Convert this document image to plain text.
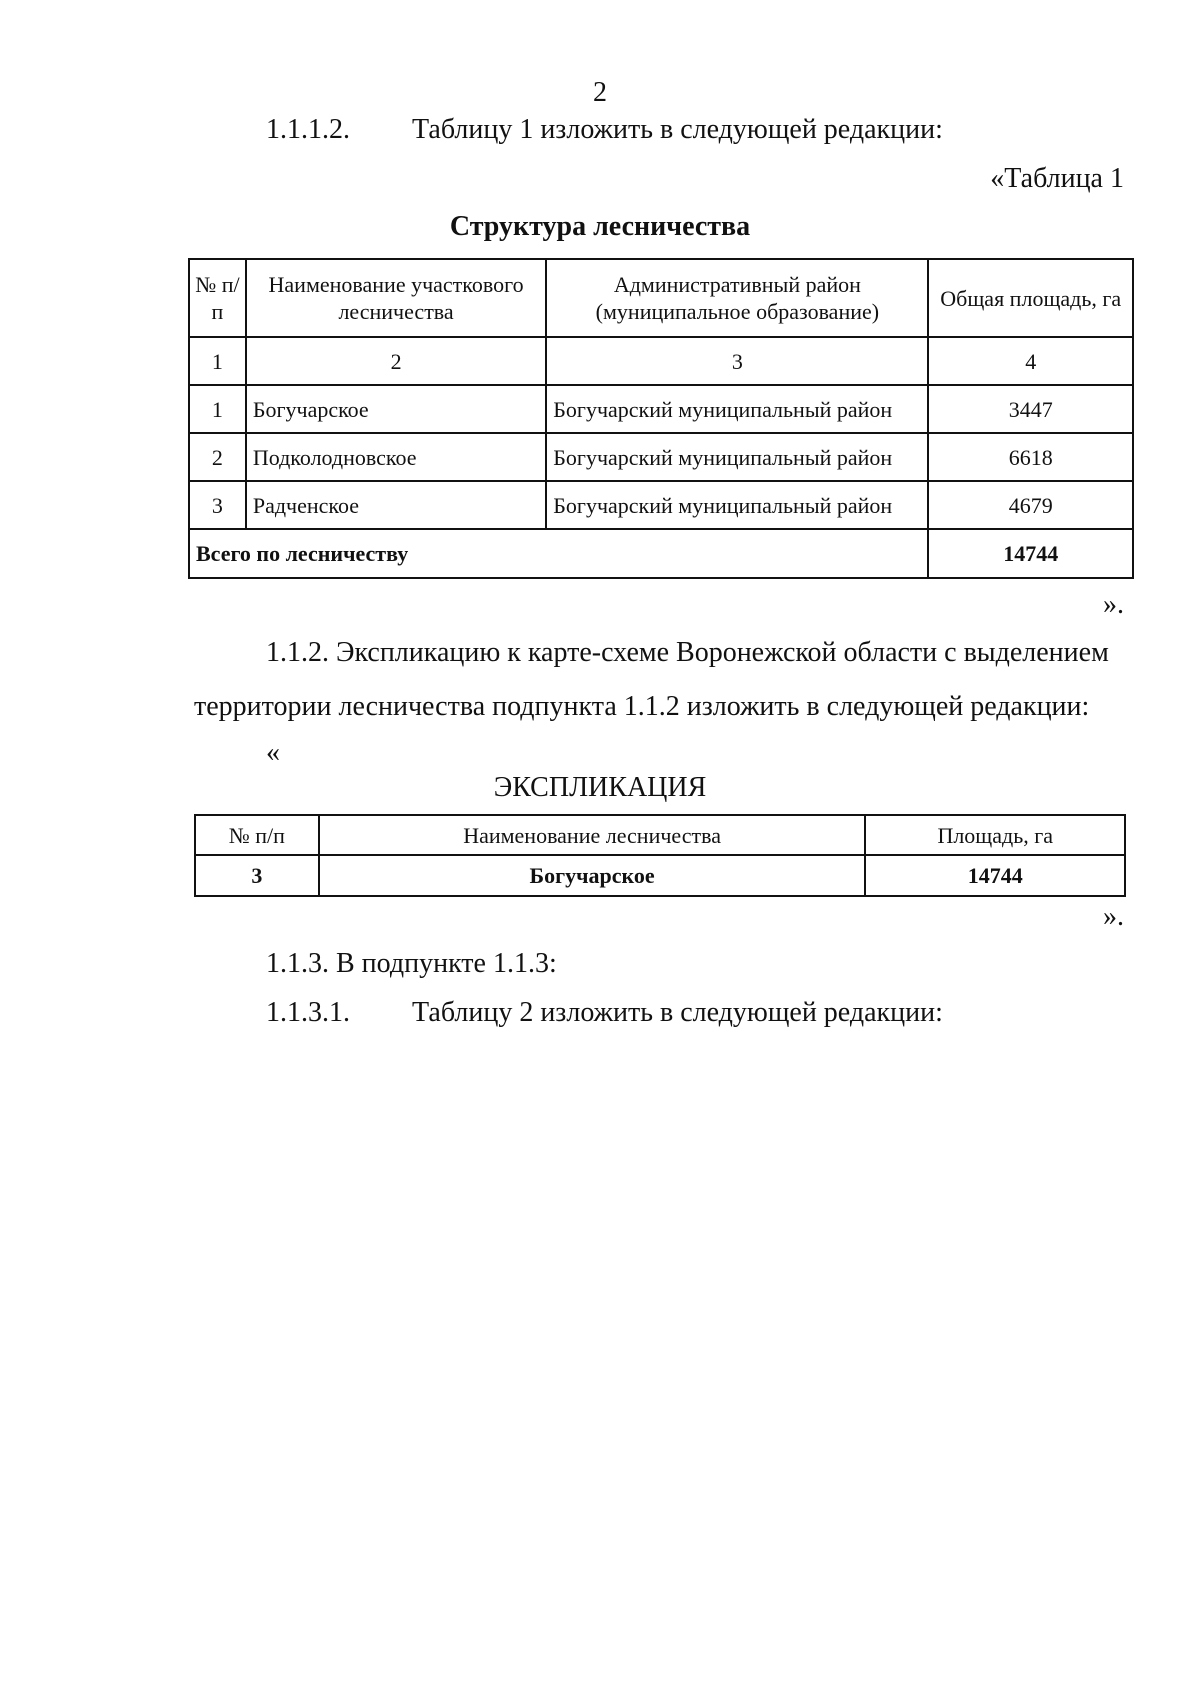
2
1.1.1.2. Таблицу 1 изложить в следующей редакции:
«Таблица 1
Структура лесничества
№ п/п	Наименование участкового лесничества	Административный район (муниципальное образование)	Общая площадь, га
1	2	3	4
1	Богучарское	Богучарский муниципальный район	3447
2	Подколодновское	Богучарский муниципальный район	6618
3	Радченское	Богучарский муниципальный район	4679
Всего по лесничеству			14744
».
1.1.2. Экспликацию к карте-схеме Воронежской области с выделением
территории лесничества подпункта 1.1.2 изложить в следующей редакции:
«
ЭКСПЛИКАЦИЯ
№ п/п	Наименование лесничества	Площадь, га
3	Богучарское	14744
».
1.1.3. В подпункте 1.1.3:
1.1.3.1. Таблицу 2 изложить в следующей редакции:
